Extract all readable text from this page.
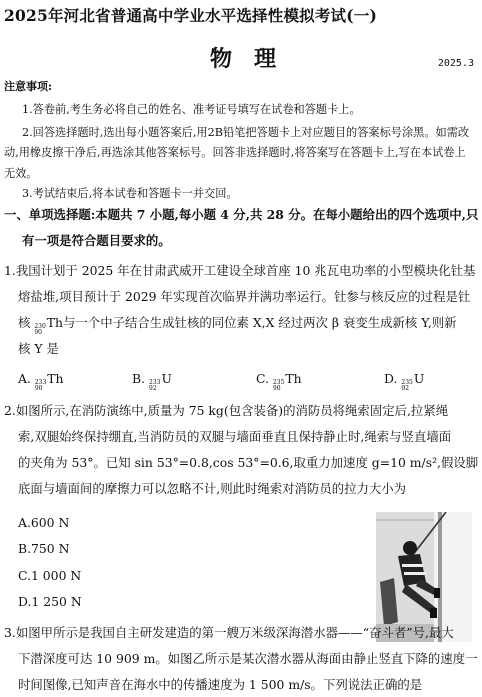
2025年河北省普通高中学业水平选择性模拟考试(一)
物理	2025.3
注意事项:
1.答卷前,考生务必将自己的姓名、准考证号填写在试卷和答题卡上。
2.回答选择题时,选出每小题答案后,用2B铅笔把答题卡上对应题目的答案标号涂黑。如需改
动,用橡皮擦干净后,再选涂其他答案标号。回答非选择题时,将答案写在答题卡上,写在本试卷上
无效。
3.考试结束后,将本试卷和答题卡一并交回。
一、单项选择题:本题共 7 小题,每小题 4 分,共 28 分。在每小题给出的四个选项中,只
有一项是符合题目要求的。
1.我国计划于 2025 年在甘肃武威开工建设全球首座 10 兆瓦电功率的小型模块化钍基
熔盐堆,项目预计于 2029 年实现首次临界并满功率运行。钍参与核反应的过程是钍
核 230
90
Th与一个中子结合生成钍核的同位素 X,X 经过两次 β 衰变生成新核 Y,则新
核 Y 是
A. 233
90
Th	B. 233
92
U	C. 235
90
Th	D. 235
92
U
2.如图所示,在消防演练中,质量为 75 kg(包含装备)的消防员将绳索固定后,拉紧绳
索,双腿始终保持绷直,当消防员的双腿与墙面垂直且保持静止时,绳索与竖直墙面
的夹角为 53°。已知 sin 53°=0.8,cos 53°=0.6,取重力加速度 g=10 m/s²,假设脚
底面与墙面间的摩擦力可以忽略不计,则此时绳索对消防员的拉力大小为
A.600 N
B.750 N
C.1 000 N
D.1 250 N
3.如图甲所示是我国自主研发建造的第一艘万米级深海潜水器——“奋斗者”号,最大
下潜深度可达 10 909 m。如图乙所示是某次潜水器从海面由静止竖直下降的速度一
时间图像,已知声音在海水中的传播速度为 1 500 m/s。下列说法正确的是
